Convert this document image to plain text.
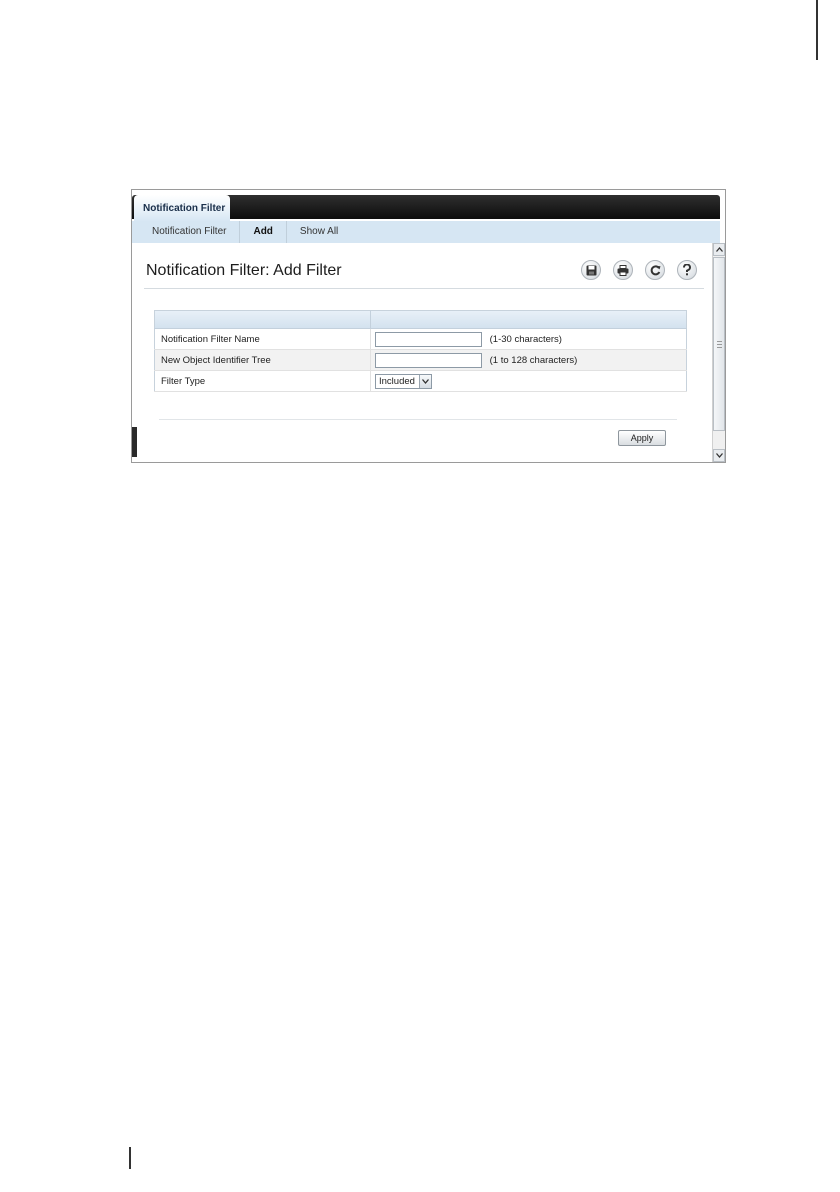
Notification Filter
Notification Filter	Add	Show All
Notification Filter: Add Filter

Notification Filter Name	(1-30 characters)
New Object Identifier Tree	(1 to 128 characters)
Filter Type	Included
Apply
